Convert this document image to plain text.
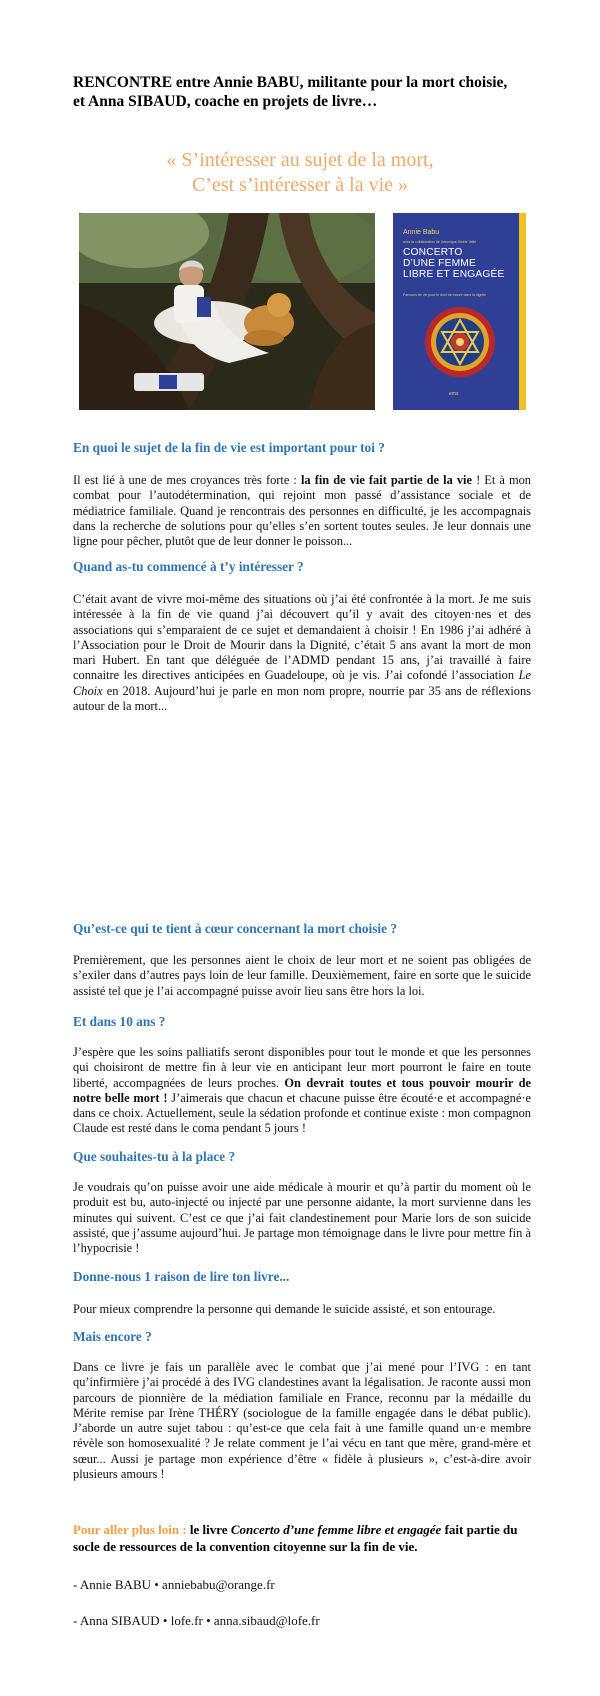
RENCONTRE entre Annie BABU, militante pour la mort choisie,
et Anna SIBAUD, coache en projets de livre…
« S’intéresser au sujet de la mort,
C’est s’intéresser à la vie »
Annie Babu
avec la collaboration de Véronique Gisèle Vallé
CONCERTO
D’UNE FEMME
LIBRE ET ENGAGÉE
Parcours de vie pour le droit de mourir dans la dignité
ems
En quoi le sujet de la fin de vie est important pour toi ?

Il est lié à une de mes croyances très forte : la fin de vie fait partie de la vie ! Et à mon combat pour l’autodétermination, qui rejoint mon passé d’assistance sociale et de médiatrice familiale. Quand je rencontrais des personnes en difficulté, je les accompagnais dans la recherche de solutions pour qu’elles s’en sortent toutes seules. Je leur donnais une ligne pour pêcher, plutôt que de leur donner le poisson...

Quand as-tu commencé à t’y intéresser ?

C’était avant de vivre moi-même des situations où j’ai été confrontée à la mort. Je me suis intéressée à la fin de vie quand j’ai découvert qu’il y avait des citoyen·nes et des associations qui s’emparaient de ce sujet et demandaient à choisir ! En 1986 j’ai adhéré à l’Association pour le Droit de Mourir dans la Dignité, c’était 5 ans avant la mort de mon mari Hubert. En tant que déléguée de l’ADMD pendant 15 ans, j’ai travaillé à faire connaitre les directives anticipées en Guadeloupe, où je vis. J’ai cofondé l’association Le Choix en 2018. Aujourd’hui je parle en mon nom propre, nourrie par 35 ans de réflexions autour de la mort...

Qu’est-ce qui te tient à cœur concernant la mort choisie ?

Premièrement, que les personnes aient le choix de leur mort et ne soient pas obligées de s’exiler dans d’autres pays loin de leur famille. Deuxièmement, faire en sorte que le suicide assisté tel que je l’ai accompagné puisse avoir lieu sans être hors la loi.

Et dans 10 ans ?

J’espère que les soins palliatifs seront disponibles pour tout le monde et que les personnes qui choisiront de mettre fin à leur vie en anticipant leur mort pourront le faire en toute liberté, accompagnées de leurs proches. On devrait toutes et tous pouvoir mourir de notre belle mort ! J’aimerais que chacun et chacune puisse être écouté·e et accompagné·e dans ce choix. Actuellement, seule la sédation profonde et continue existe : mon compagnon Claude est resté dans le coma pendant 5 jours !

Que souhaites-tu à la place ?

Je voudrais qu’on puisse avoir une aide médicale à mourir et qu’à partir du moment où le produit est bu, auto-injecté ou injecté par une personne aidante, la mort survienne dans les minutes qui suivent. C’est ce que j’ai fait clandestinement pour Marie lors de son suicide assisté, que j’assume aujourd’hui. Je partage mon témoignage dans le livre pour mettre fin à l’hypocrisie !

Donne-nous 1 raison de lire ton livre...

Pour mieux comprendre la personne qui demande le suicide assisté, et son entourage.

Mais encore ?

Dans ce livre je fais un parallèle avec le combat que j’ai mené pour l’IVG : en tant qu’infirmière j’ai procédé à des IVG clandestines avant la légalisation. Je raconte aussi mon parcours de pionnière de la médiation familiale en France, reconnu par la médaille du Mérite remise par Irène THÉRY (sociologue de la famille engagée dans le débat public). J’aborde un autre sujet tabou : qu’est-ce que cela fait à une famille quand un·e membre révèle son homosexualité ? Je relate comment je l’ai vécu en tant que mère, grand-mère et sœur... Aussi je partage mon expérience d’être « fidèle à plusieurs », c’est-à-dire avoir plusieurs amours !

Pour aller plus loin : le livre Concerto d’une femme libre et engagée fait partie du socle de ressources de la convention citoyenne sur la fin de vie.

- Annie BABU • anniebabu@orange.fr

- Anna SIBAUD • lofe.fr • anna.sibaud@lofe.fr
